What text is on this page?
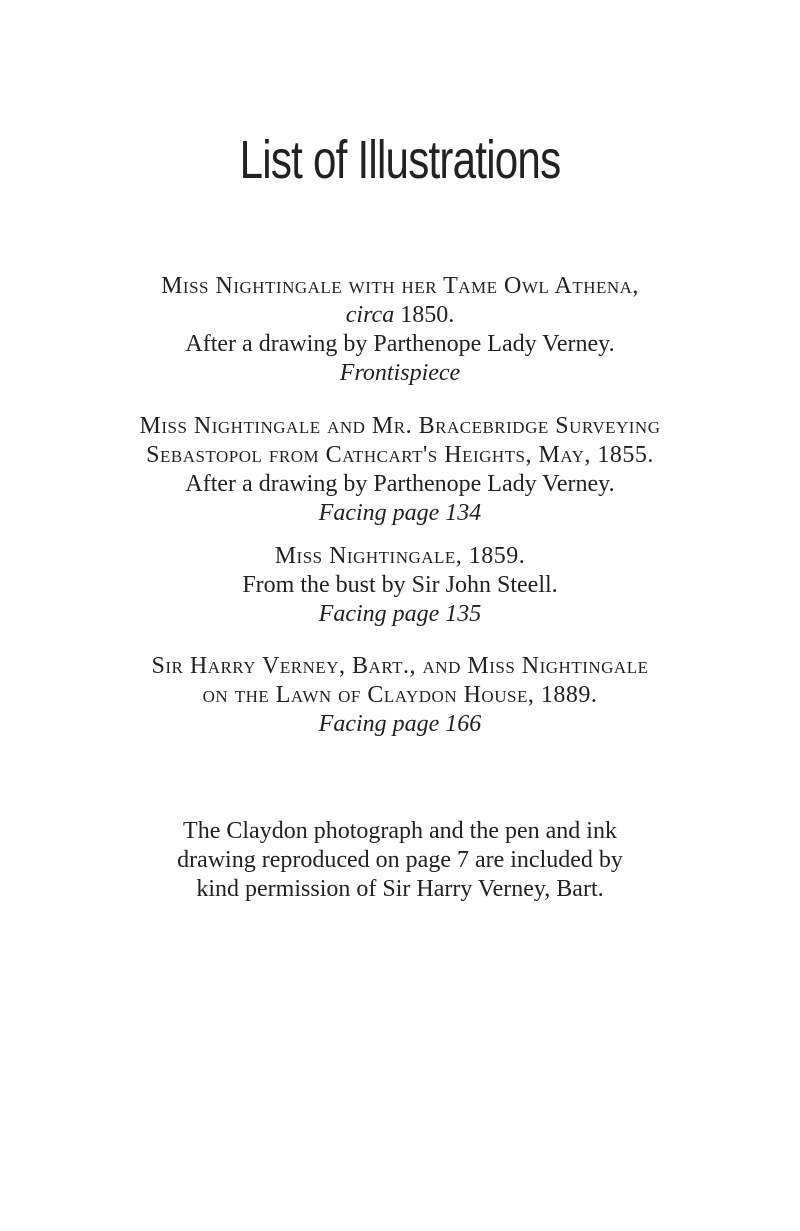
List of Illustrations
Miss Nightingale with her Tame Owl Athena,
circa 1850.
After a drawing by Parthenope Lady Verney.
Frontispiece
Miss Nightingale and Mr. Bracebridge Surveying
Sebastopol from Cathcart's Heights, May, 1855.
After a drawing by Parthenope Lady Verney.
Facing page 134
Miss Nightingale, 1859.
From the bust by Sir John Steell.
Facing page 135
Sir Harry Verney, Bart., and Miss Nightingale
on the Lawn of Claydon House, 1889.
Facing page 166
The Claydon photograph and the pen and ink
drawing reproduced on page 7 are included by
kind permission of Sir Harry Verney, Bart.
